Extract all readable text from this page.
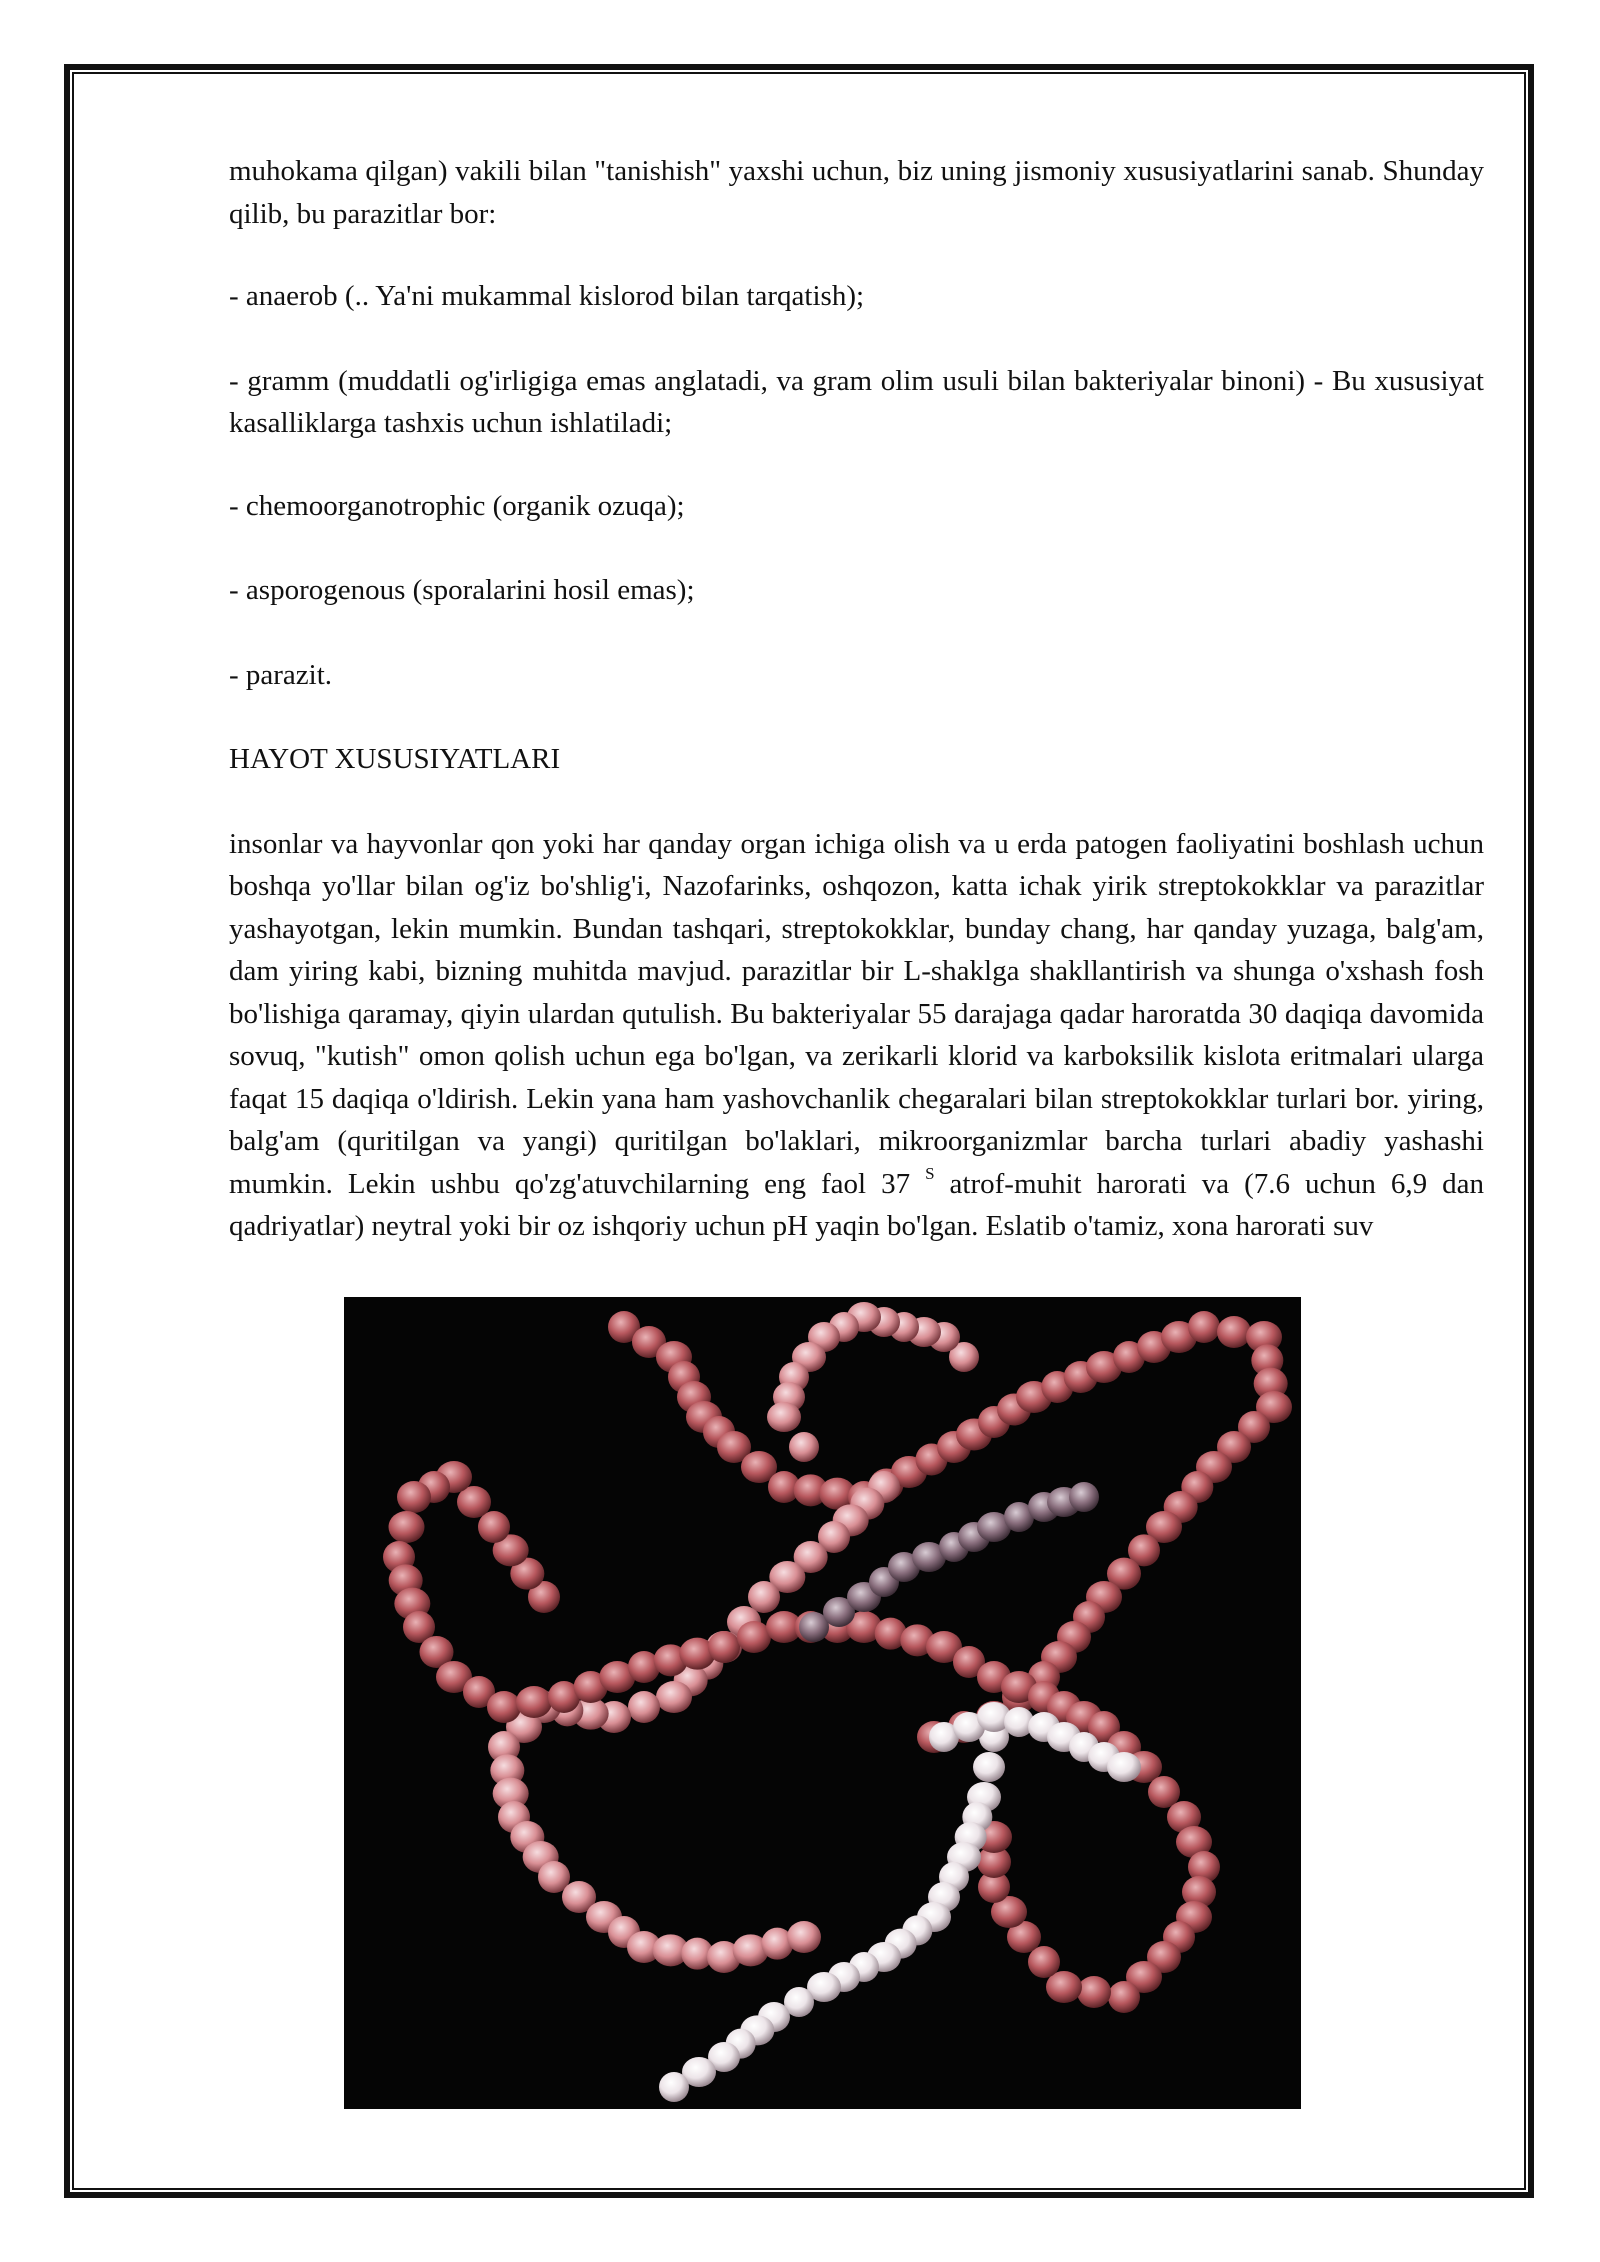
muhokama qilgan) vakili bilan "tanishish" yaxshi uchun, biz uning jismoniy xususiyatlarini sanab. Shunday qilib, bu parazitlar bor:

- anaerob (.. Ya'ni mukammal kislorod bilan tarqatish);

- gramm (muddatli og'irligiga emas anglatadi, va gram olim usuli bilan bakteriyalar binoni) - Bu xususiyat kasalliklarga tashxis uchun ishlatiladi;

- chemoorganotrophic (organik ozuqa);

- asporogenous (sporalarini hosil emas);

- parazit.

HAYOT XUSUSIYATLARI

insonlar va hayvonlar qon yoki har qanday organ ichiga olish va u erda patogen faoliyatini boshlash uchun boshqa yo'llar bilan og'iz bo'shlig'i, Nazofarinks, oshqozon, katta ichak yirik streptokokklar va parazitlar yashayotgan, lekin mumkin. Bundan tashqari, streptokokklar, bunday chang, har qanday yuzaga, balg'am, dam yiring kabi, bizning muhitda mavjud. parazitlar bir L-shaklga shakllantirish va shunga o'xshash fosh bo'lishiga qaramay, qiyin ulardan qutulish. Bu bakteriyalar 55 darajaga qadar haroratda 30 daqiqa davomida sovuq, "kutish" omon qolish uchun ega bo'lgan, va zerikarli klorid va karboksilik kislota eritmalari ularga faqat 15 daqiqa o'ldirish. Lekin yana ham yashovchanlik chegaralari bilan streptokokklar turlari bor. yiring, balg'am (quritilgan va yangi) quritilgan bo'laklari, mikroorganizmlar barcha turlari abadiy yashashi mumkin. Lekin ushbu qo'zg'atuvchilarning eng faol 37 $^S$ atrof-muhit harorati va (7.6 uchun 6,9 dan qadriyatlar) neytral yoki bir oz ishqoriy uchun pH yaqin bo'lgan. Eslatib o'tamiz, xona harorati suv
